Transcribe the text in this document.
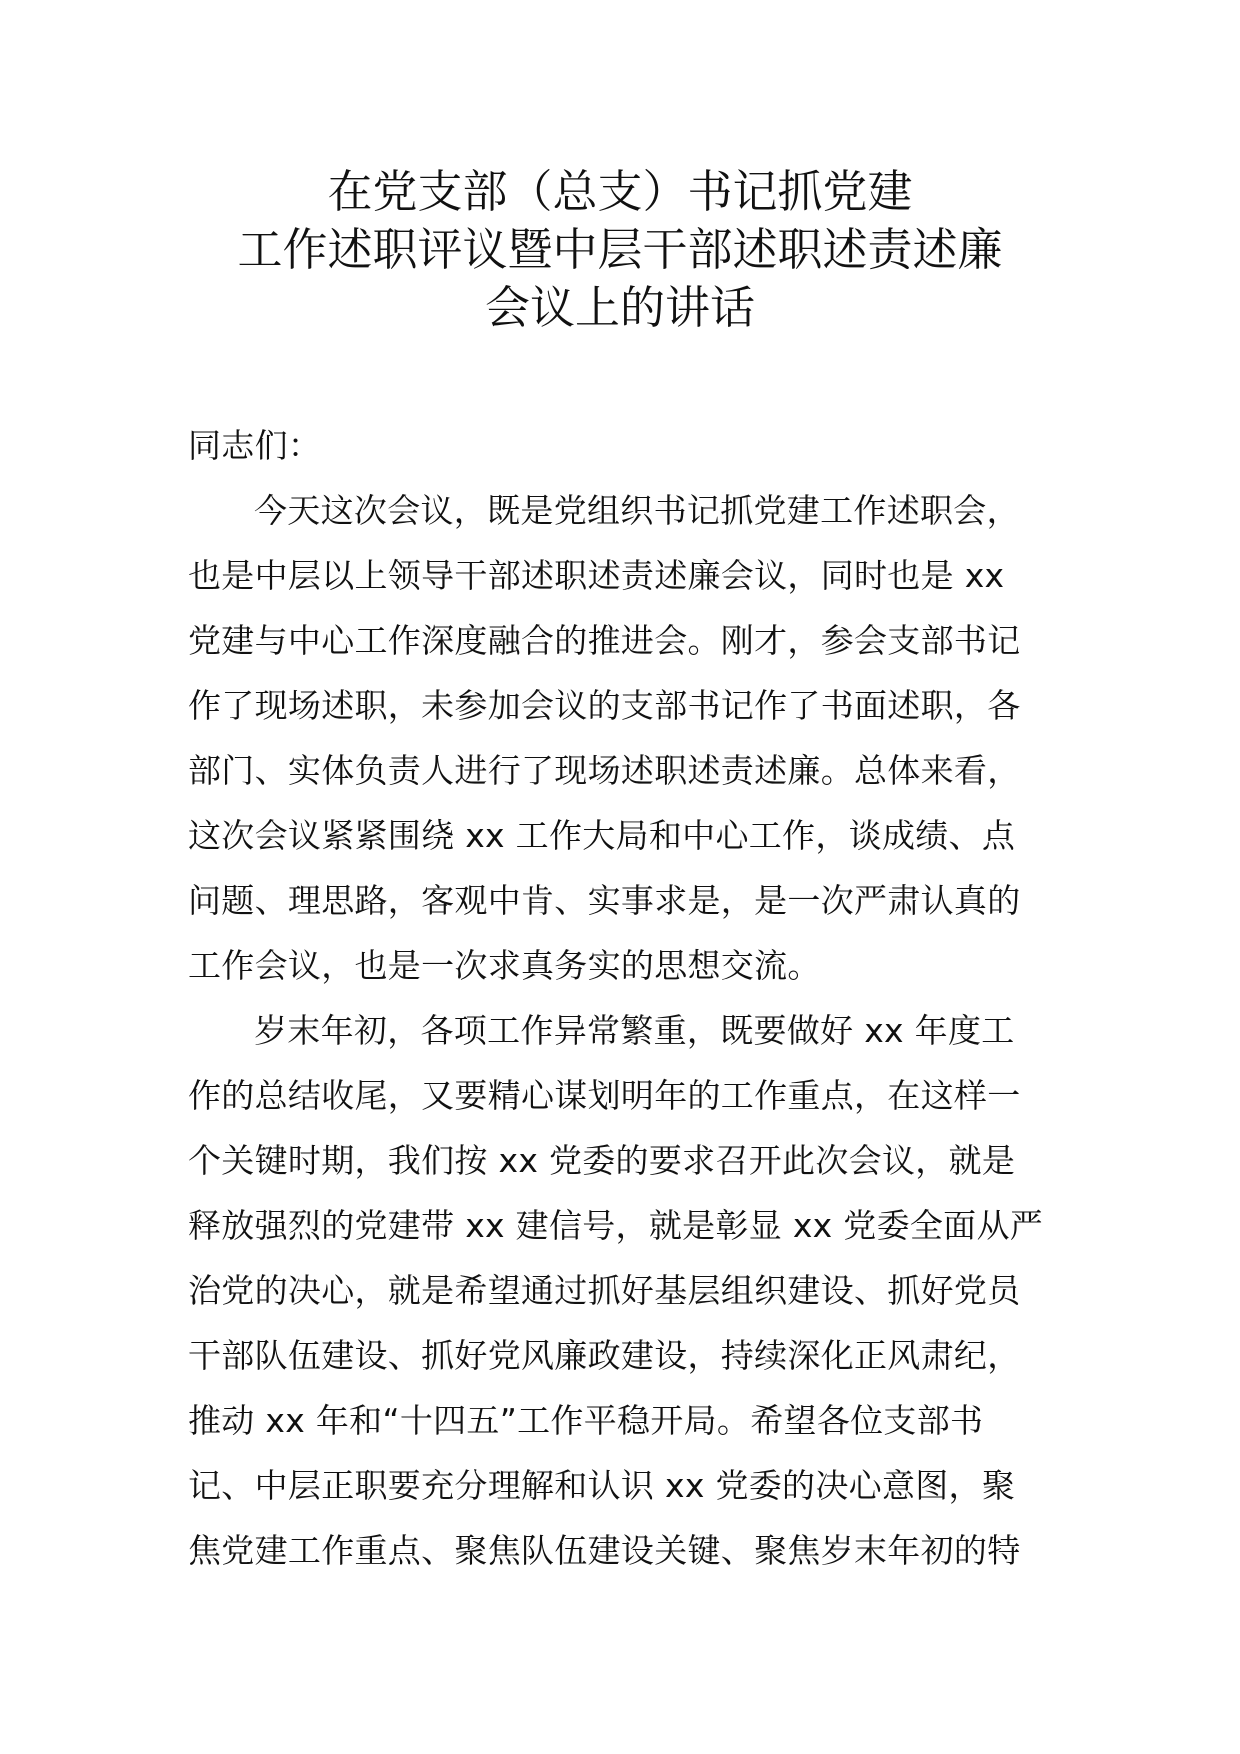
在党支部（总支）书记抓党建
工作述职评议暨中层干部述职述责述廉
会议上的讲话
同志们：
今天这次会议，既是党组织书记抓党建工作述职会，
也是中层以上领导干部述职述责述廉会议，同时也是 xx
党建与中心工作深度融合的推进会。刚才，参会支部书记
作了现场述职，未参加会议的支部书记作了书面述职，各
部门、实体负责人进行了现场述职述责述廉。总体来看，
这次会议紧紧围绕 xx 工作大局和中心工作，谈成绩、点
问题、理思路，客观中肯、实事求是，是一次严肃认真的
工作会议，也是一次求真务实的思想交流。
岁末年初，各项工作异常繁重，既要做好 xx 年度工
作的总结收尾，又要精心谋划明年的工作重点，在这样一
个关键时期，我们按 xx 党委的要求召开此次会议，就是
释放强烈的党建带 xx 建信号，就是彰显 xx 党委全面从严
治党的决心，就是希望通过抓好基层组织建设、抓好党员
干部队伍建设、抓好党风廉政建设，持续深化正风肃纪，
推动 xx 年和“十四五”工作平稳开局。希望各位支部书
记、中层正职要充分理解和认识 xx 党委的决心意图，聚
焦党建工作重点、聚焦队伍建设关键、聚焦岁末年初的特
